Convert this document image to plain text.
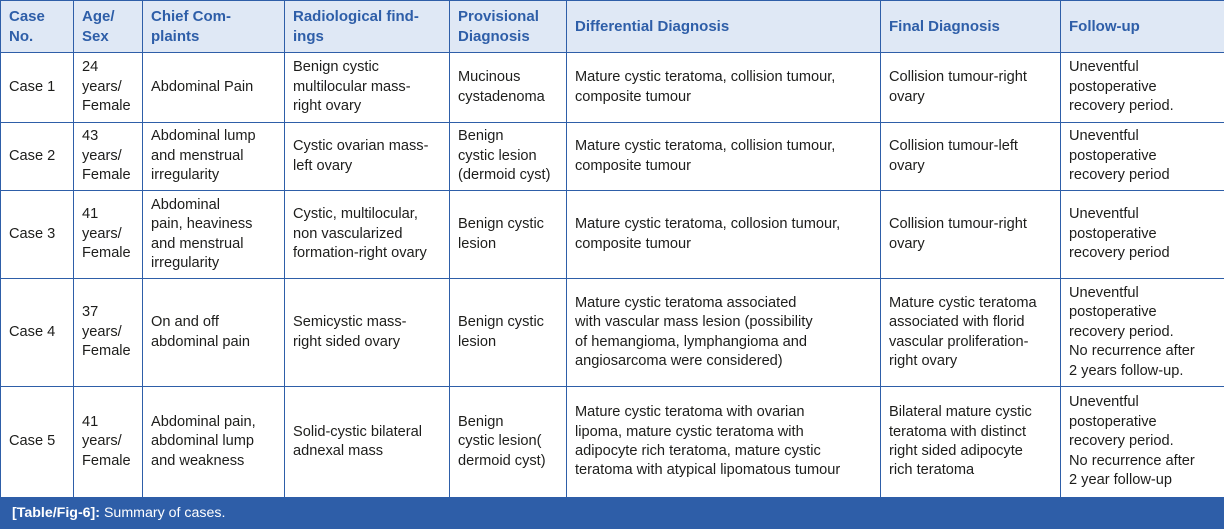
Case
No.	Age/
Sex	Chief Com-
plaints	Radiological find-
ings	Provisional
Diagnosis	Differential Diagnosis	Final Diagnosis	Follow-up
Case 1	24
years/
Female	Abdominal Pain	Benign cystic
multilocular mass-
right ovary	Mucinous
cystadenoma	Mature cystic teratoma, collision tumour,
composite tumour	Collision tumour-right
ovary	Uneventful
postoperative
recovery period.
Case 2	43
years/
Female	Abdominal lump
and menstrual
irregularity	Cystic ovarian mass-
left ovary	Benign
cystic lesion
(dermoid cyst)	Mature cystic teratoma, collision tumour,
composite tumour	Collision tumour-left
ovary	Uneventful
postoperative
recovery period
Case 3	41
years/
Female	Abdominal
pain, heaviness
and menstrual
irregularity	Cystic, multilocular,
non vascularized
formation-right ovary	Benign cystic
lesion	Mature cystic teratoma, collosion tumour,
composite tumour	Collision tumour-right
ovary	Uneventful
postoperative
recovery period
Case 4	37
years/
Female	On and off
abdominal pain	Semicystic mass-
right sided ovary	Benign cystic
lesion	Mature cystic teratoma associated
with vascular mass lesion (possibility
of hemangioma, lymphangioma and
angiosarcoma were considered)	Mature cystic teratoma
associated with florid
vascular proliferation-
right ovary	Uneventful
postoperative
recovery period.
No recurrence after
2 years follow-up.
Case 5	41
years/
Female	Abdominal pain,
abdominal lump
and weakness	Solid-cystic bilateral
adnexal mass	Benign
cystic lesion(
dermoid cyst)	Mature cystic teratoma with ovarian
lipoma, mature cystic teratoma with
adipocyte rich teratoma, mature cystic
teratoma with atypical lipomatous tumour	Bilateral mature cystic
teratoma with distinct
right sided adipocyte
rich teratoma	Uneventful
postoperative
recovery period.
No recurrence after
2 year follow-up
[Table/Fig-6]: Summary of cases.
